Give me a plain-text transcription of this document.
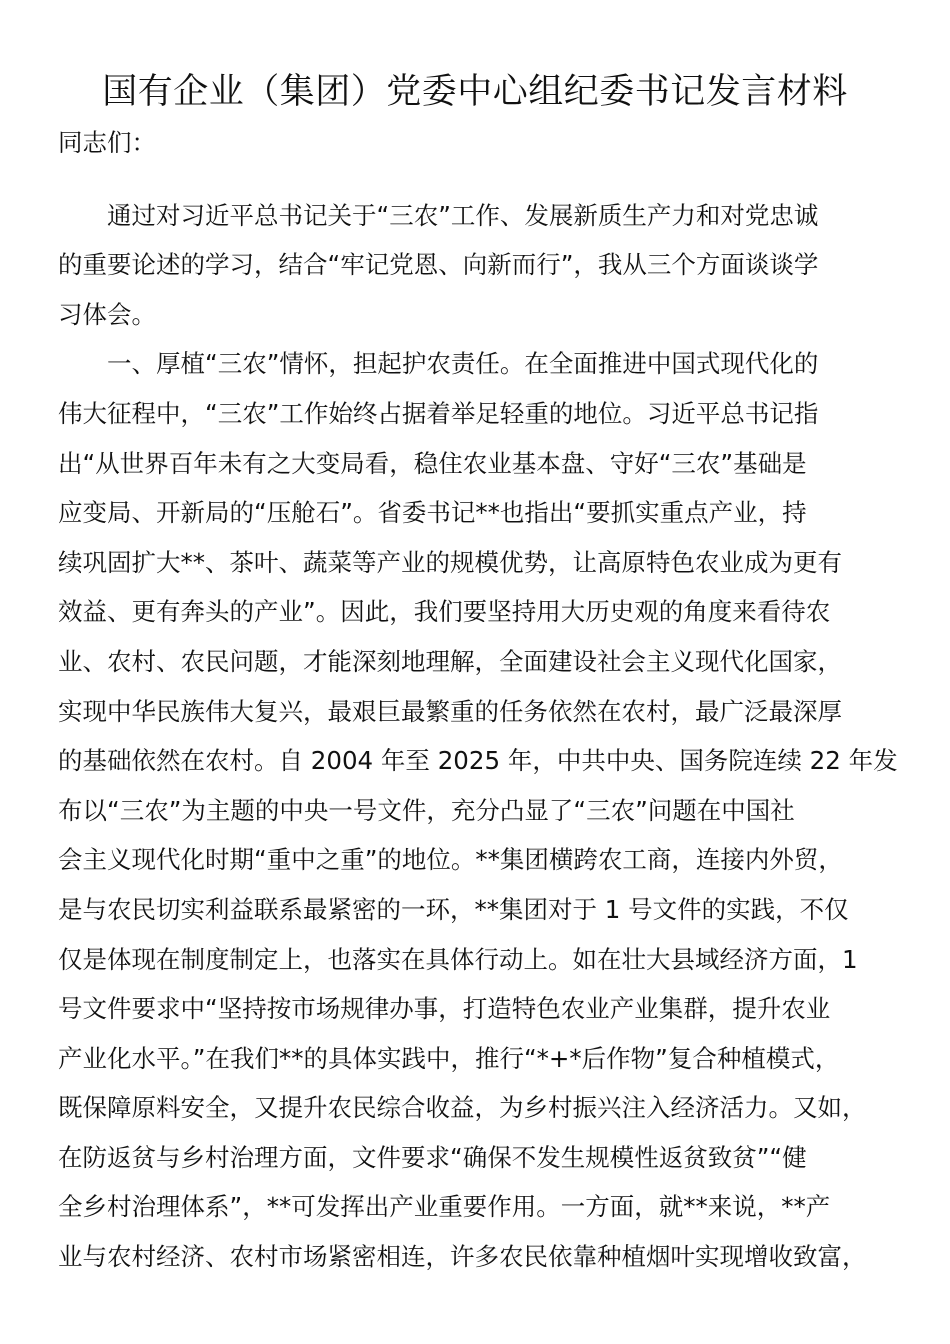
国有企业（集团）党委中心组纪委书记发言材料
同志们：
通过对习近平总书记关于“三农”工作、发展新质生产力和对党忠诚
的重要论述的学习，结合“牢记党恩、向新而行”，我从三个方面谈谈学
习体会。
一、厚植“三农”情怀，担起护农责任。在全面推进中国式现代化的
伟大征程中，“三农”工作始终占据着举足轻重的地位。习近平总书记指
出“从世界百年未有之大变局看，稳住农业基本盘、守好“三农”基础是
应变局、开新局的“压舱石”。省委书记**也指出“要抓实重点产业，持
续巩固扩大**、茶叶、蔬菜等产业的规模优势，让高原特色农业成为更有
效益、更有奔头的产业”。因此，我们要坚持用大历史观的角度来看待农
业、农村、农民问题，才能深刻地理解，全面建设社会主义现代化国家，
实现中华民族伟大复兴，最艰巨最繁重的任务依然在农村，最广泛最深厚
的基础依然在农村。自 2004 年至 2025 年，中共中央、国务院连续 22 年发
布以“三农”为主题的中央一号文件，充分凸显了“三农”问题在中国社
会主义现代化时期“重中之重”的地位。**集团横跨农工商，连接内外贸，
是与农民切实利益联系最紧密的一环，**集团对于 1 号文件的实践，不仅
仅是体现在制度制定上，也落实在具体行动上。如在壮大县域经济方面，1
号文件要求中“坚持按市场规律办事，打造特色农业产业集群，提升农业
产业化水平。”在我们**的具体实践中，推行“*+*后作物”复合种植模式，
既保障原料安全，又提升农民综合收益，为乡村振兴注入经济活力。又如，
在防返贫与乡村治理方面，文件要求“确保不发生规模性返贫致贫”“健
全乡村治理体系”，**可发挥出产业重要作用。一方面，就**来说，**产
业与农村经济、农村市场紧密相连，许多农民依靠种植烟叶实现增收致富，
